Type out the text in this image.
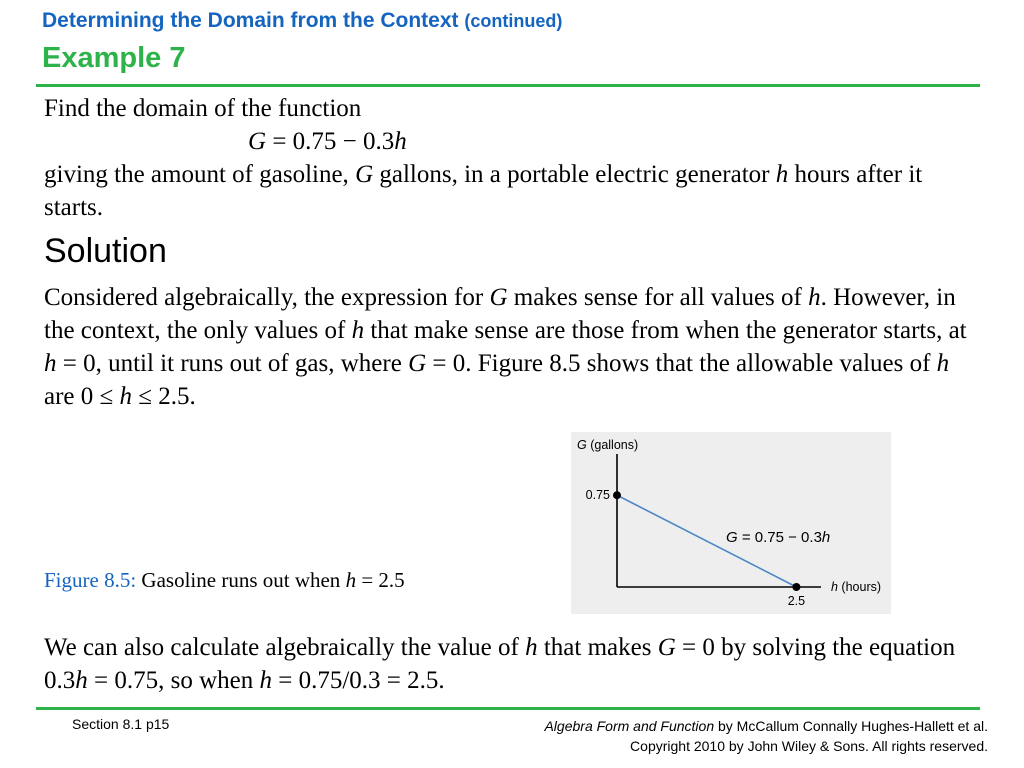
Determining the Domain from the Context (continued)
Example 7
Find the domain of the function
G = 0.75 − 0.3h
giving the amount of gasoline, G gallons, in a portable electric generator h hours after it starts.
Solution
Considered algebraically, the expression for G makes sense for all values of h. However, in the context, the only values of h that make sense are those from when the generator starts, at h = 0, until it runs out of gas, where G = 0. Figure 8.5 shows that the allowable values of h are 0 ≤ h ≤ 2.5.
G (gallons)
0.75
2.5
h (hours)
G = 0.75 − 0.3h
Figure 8.5: Gasoline runs out when h = 2.5
We can also calculate algebraically the value of h that makes G = 0 by solving the equation 0.3h = 0.75, so when h = 0.75/0.3 = 2.5.
Section 8.1 p15	Algebra Form and Function by McCallum Connally Hughes-Hallett et al.
Copyright 2010 by John Wiley & Sons. All rights reserved.
